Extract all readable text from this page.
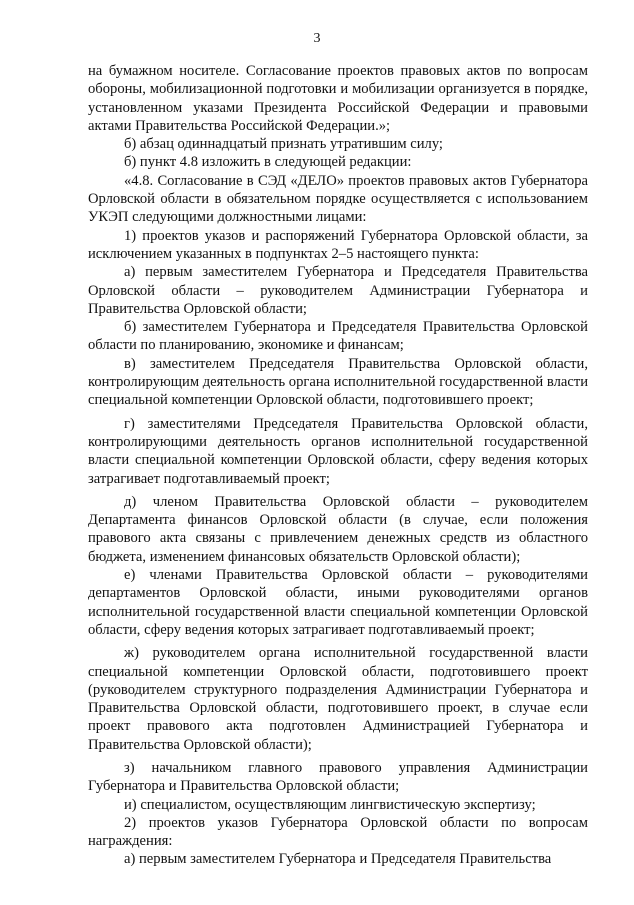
3

на бумажном носителе. Согласование проектов правовых актов по вопросам обороны, мобилизационной подготовки и мобилизации организуется в порядке, установленном указами Президента Российской Федерации и правовыми актами Правительства Российской Федерации.»;

б) абзац одиннадцатый признать утратившим силу;

б) пункт 4.8 изложить в следующей редакции:

«4.8. Согласование в СЭД «ДЕЛО» проектов правовых актов Губернатора Орловской области в обязательном порядке осуществляется с использованием УКЭП следующими должностными лицами:

1) проектов указов и распоряжений Губернатора Орловской области, за исключением указанных в подпунктах 2–5 настоящего пункта:

а) первым заместителем Губернатора и Председателя Правительства Орловской области – руководителем Администрации Губернатора и Правительства Орловской области;

б) заместителем Губернатора и Председателя Правительства Орловской области по планированию, экономике и финансам;

в) заместителем Председателя Правительства Орловской области, контролирующим деятельность органа исполнительной государственной власти специальной компетенции Орловской области, подготовившего проект;

г) заместителями Председателя Правительства Орловской области, контролирующими деятельность органов исполнительной государственной власти специальной компетенции Орловской области, сферу ведения которых затрагивает подготавливаемый проект;

д) членом Правительства Орловской области – руководителем Департамента финансов Орловской области (в случае, если положения правового акта связаны с привлечением денежных средств из областного бюджета, изменением финансовых обязательств Орловской области);

е) членами Правительства Орловской области – руководителями департаментов Орловской области, иными руководителями органов исполнительной государственной власти специальной компетенции Орловской области, сферу ведения которых затрагивает подготавливаемый проект;

ж) руководителем органа исполнительной государственной власти специальной компетенции Орловской области, подготовившего проект (руководителем структурного подразделения Администрации Губернатора и Правительства Орловской области, подготовившего проект, в случае если проект правового акта подготовлен Администрацией Губернатора и Правительства Орловской области);

з) начальником главного правового управления Администрации Губернатора и Правительства Орловской области;

и) специалистом, осуществляющим лингвистическую экспертизу;

2) проектов указов Губернатора Орловской области по вопросам награждения:

а) первым заместителем Губернатора и Председателя Правительства
